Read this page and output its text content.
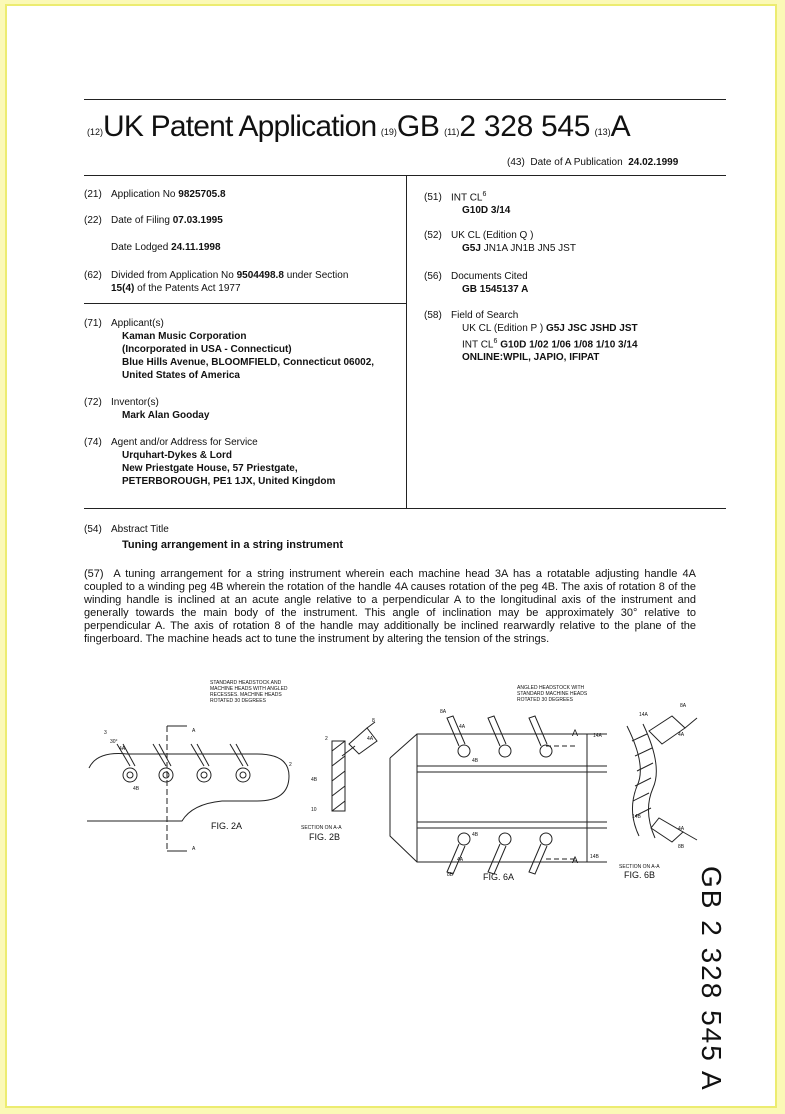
(12)UK Patent Application (19)GB (11)2 328 545 (13)A
(43) Date of A Publication 24.02.1999
(21) Application No 9825705.8
(22) Date of Filing 07.03.1995
Date Lodged 24.11.1998
(62) Divided from Application No 9504498.8 under Section
15(4) of the Patents Act 1977
(71) Applicant(s)
Kaman Music Corporation
(Incorporated in USA - Connecticut)
Blue Hills Avenue, BLOOMFIELD, Connecticut 06002,
United States of America
(72) Inventor(s)
Mark Alan Gooday
(74) Agent and/or Address for Service
Urquhart-Dykes & Lord
New Priestgate House, 57 Priestgate,
PETERBOROUGH, PE1 1JX, United Kingdom
(51) INT $CL^6$
G10D 3/14
(52) UK CL (Edition Q )
G5J JN1A JN1B JN5 JST
(56) Documents Cited
GB 1545137 A
(58) Field of Search
UK CL (Edition P ) G5J JSC JSHD JST
INT $CL^6$ G10D 1/02 1/06 1/08 1/10 3/14
ONLINE:WPIL, JAPIO, IFIPAT
(54) Abstract Title
Tuning arrangement in a string instrument
(57) A tuning arrangement for a string instrument wherein each machine head 3A has a rotatable adjusting handle 4A coupled to a winding peg 4B wherein the rotation of the handle 4A causes rotation of the peg 4B. The axis of rotation 8 of the winding handle is inclined at an acute angle relative to a perpendicular A to the longitudinal axis of the instrument and generally towards the main body of the instrument. This angle of inclination may be approximately 30° relative to perpendicular A. The axis of rotation 8 of the handle may additionally be inclined rearwardly relative to the plane of the fingerboard. The machine heads act to tune the instrument by altering the tension of the strings.
STANDARD HEADSTOCK AND
MACHINE HEADS WITH ANGLED
RECESSES. MACHINE HEADS
ROTATED 30 DEGREES
ANGLED HEADSTOCK WITH
STANDARD MACHINE HEADS
ROTATED 30 DEGREES
FIG. 2A	SECTION ON A-A
FIG. 2B
FIG. 6A
SECTION ON A-A
FIG. 6B
3
30°
4A
4B
A
A
2
2
8
4A
4B
10
8A
4A
4B
A	14A
4B
4A
8B
A 14B
14A
8A
4A
14B
4A
8B
GB 2 328 545 A
